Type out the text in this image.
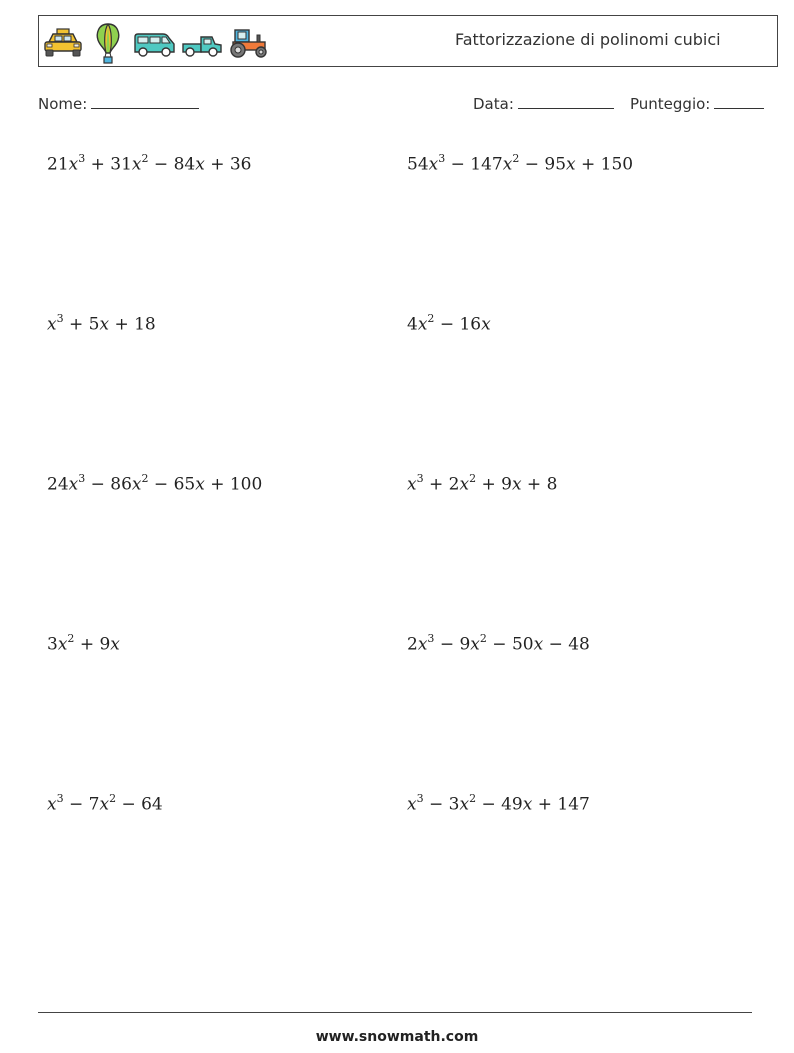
Fattorizzazione di polinomi cubici
Nome:	Data:	Punteggio:
$21x^3 + 31x^2 - 84x + 36$	$54x^3 - 147x^2 - 95x + 150$
$x^3 + 5x + 18$	$4x^2 - 16x$
$24x^3 - 86x^2 - 65x + 100$	$x^3 + 2x^2 + 9x + 8$
$3x^2 + 9x$	$2x^3 - 9x^2 - 50x - 48$
$x^3 - 7x^2 - 64$	$x^3 - 3x^2 - 49x + 147$
www.snowmath.com
